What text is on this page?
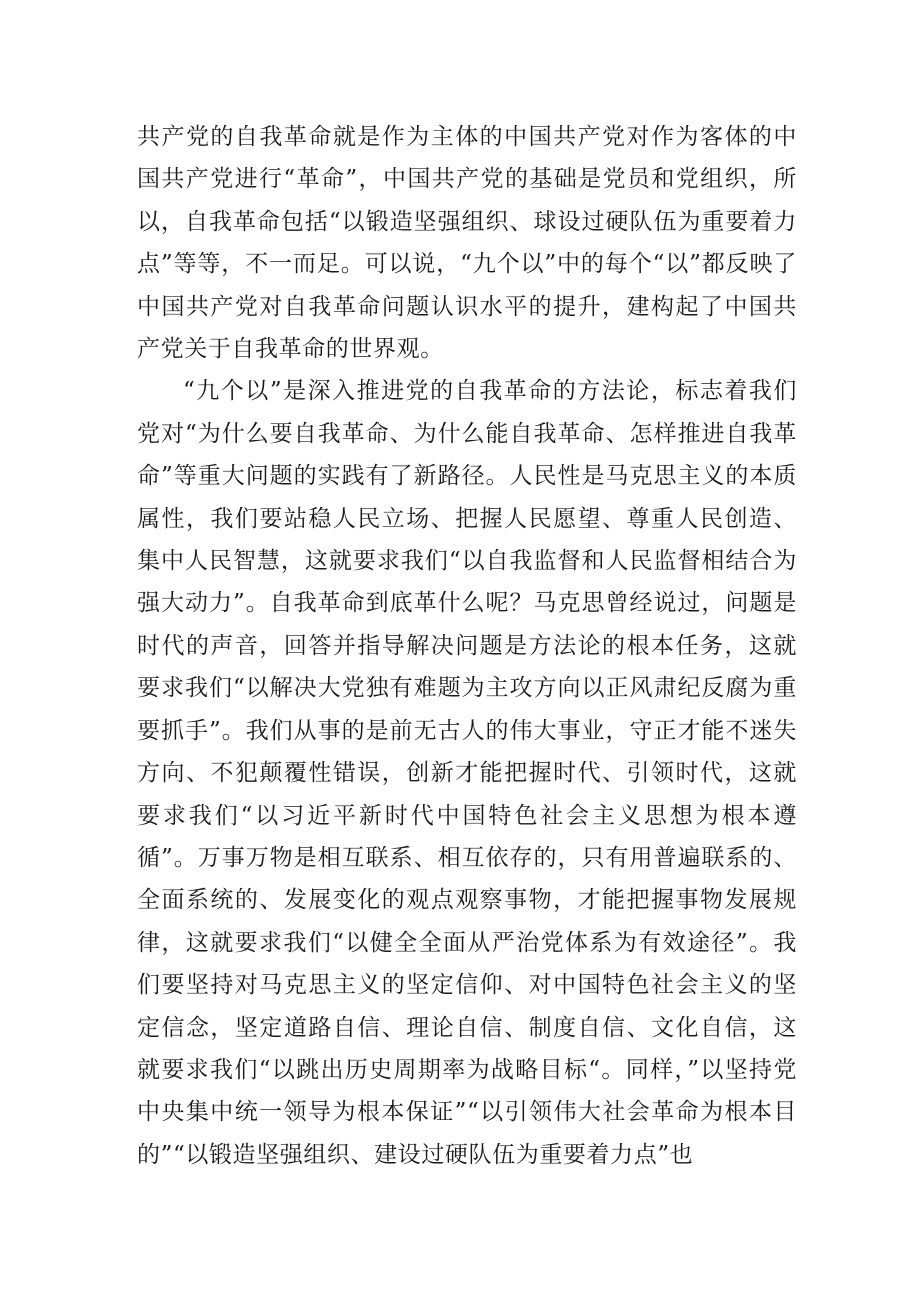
共产党的自我革命就是作为主体的中国共产党对作为客体的中国共产党进行“革命”，中国共产党的基础是党员和党组织，所以，自我革命包括“以锻造坚强组织、球设过硬队伍为重要着力点”等等，不一而足。可以说，“九个以”中的每个“以”都反映了中国共产党对自我革命问题认识水平的提升，建构起了中国共产党关于自我革命的世界观。

“九个以”是深入推进党的自我革命的方法论，标志着我们党对“为什么要自我革命、为什么能自我革命、怎样推进自我革命”等重大问题的实践有了新路径。人民性是马克思主义的本质属性，我们要站稳人民立场、把握人民愿望、尊重人民创造、集中人民智慧，这就要求我们“以自我监督和人民监督相结合为强大动力”。自我革命到底革什么呢？马克思曾经说过，问题是时代的声音，回答并指导解决问题是方法论的根本任务，这就要求我们“以解决大党独有难题为主攻方向以正风肃纪反腐为重要抓手”。我们从事的是前无古人的伟大事业，守正才能不迷失方向、不犯颠覆性错误，创新才能把握时代、引领时代，这就要求我们“以习近平新时代中国特色社会主义思想为根本遵循”。万事万物是相互联系、相互依存的，只有用普遍联系的、全面系统的、发展变化的观点观察事物，才能把握事物发展规律，这就要求我们“以健全全面从严治党体系为有效途径”。我们要坚持对马克思主义的坚定信仰、对中国特色社会主义的坚定信念，坚定道路自信、理论自信、制度自信、文化自信，这就要求我们“以跳出历史周期率为战略目标“。同样，”以坚持党中央集中统一领导为根本保证”“以引领伟大社会革命为根本目的”“以锻造坚强组织、建设过硬队伍为重要着力点”也
